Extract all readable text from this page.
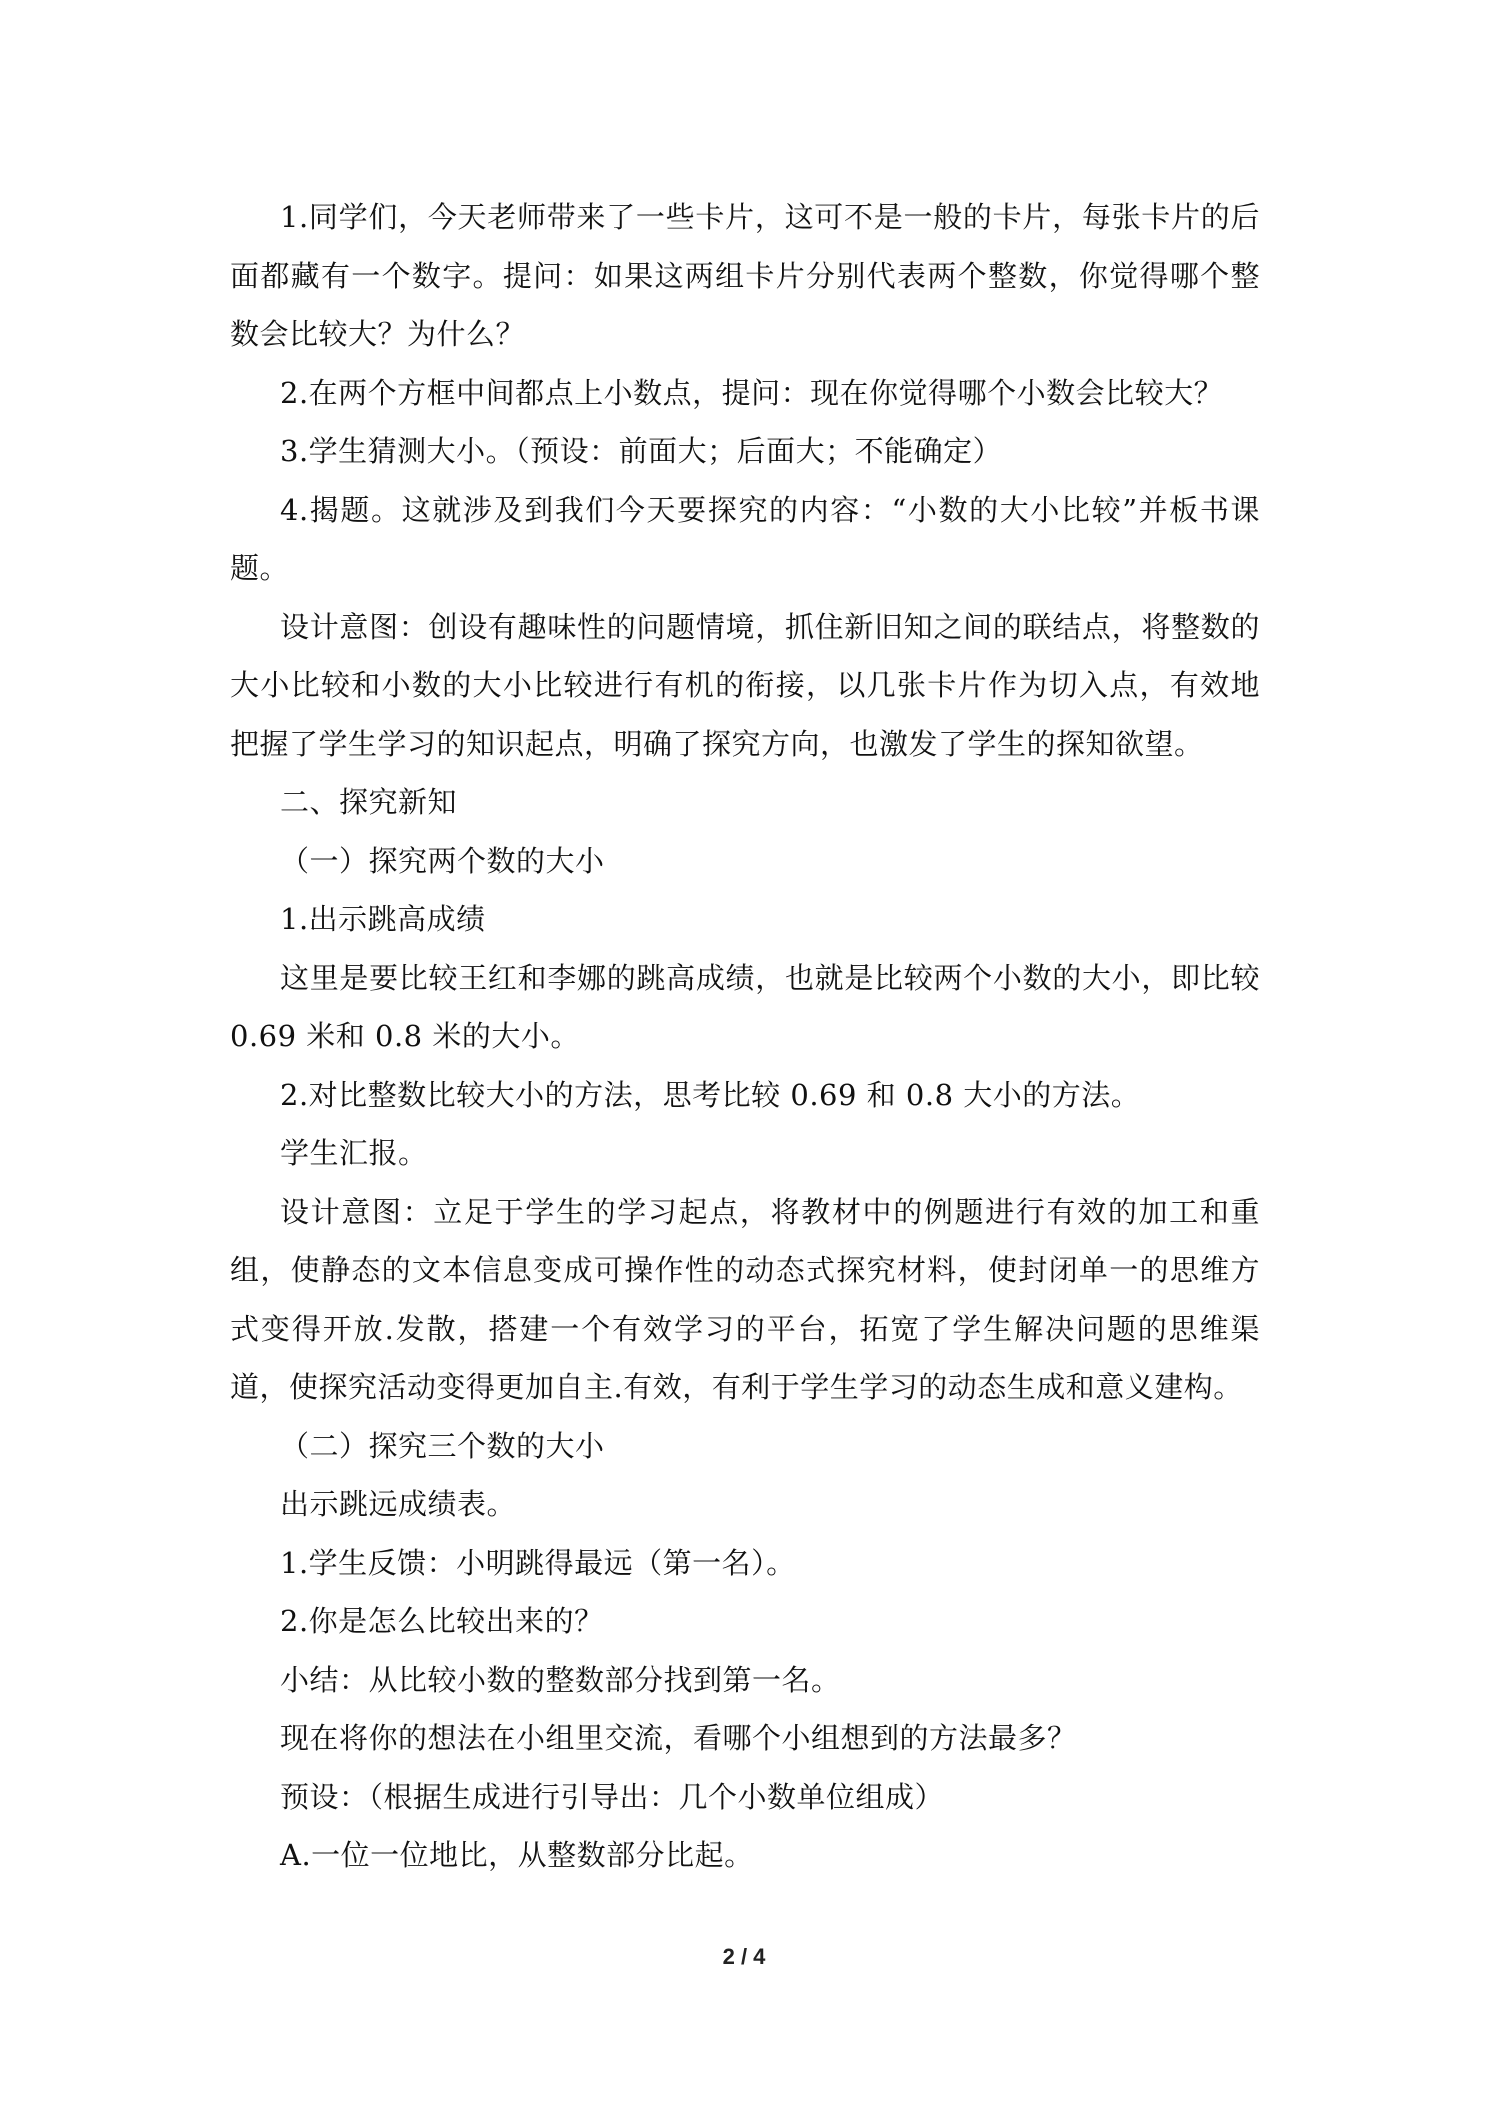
1.同学们，今天老师带来了一些卡片，这可不是一般的卡片，每张卡片的后面都藏有一个数字。提问：如果这两组卡片分别代表两个整数，你觉得哪个整数会比较大？为什么？

2.在两个方框中间都点上小数点，提问：现在你觉得哪个小数会比较大？

3.学生猜测大小。（预设：前面大；后面大；不能确定）

4.揭题。这就涉及到我们今天要探究的内容：“小数的大小比较”并板书课题。

设计意图：创设有趣味性的问题情境，抓住新旧知之间的联结点，将整数的大小比较和小数的大小比较进行有机的衔接，以几张卡片作为切入点，有效地把握了学生学习的知识起点，明确了探究方向，也激发了学生的探知欲望。

二、探究新知

（一）探究两个数的大小

1.出示跳高成绩

这里是要比较王红和李娜的跳高成绩，也就是比较两个小数的大小，即比较 0.69 米和 0.8 米的大小。

2.对比整数比较大小的方法，思考比较 0.69 和 0.8 大小的方法。

学生汇报。

设计意图：立足于学生的学习起点，将教材中的例题进行有效的加工和重组，使静态的文本信息变成可操作性的动态式探究材料，使封闭单一的思维方式变得开放.发散，搭建一个有效学习的平台，拓宽了学生解决问题的思维渠道，使探究活动变得更加自主.有效，有利于学生学习的动态生成和意义建构。

（二）探究三个数的大小

出示跳远成绩表。

1.学生反馈：小明跳得最远（第一名）。

2.你是怎么比较出来的？

小结：从比较小数的整数部分找到第一名。

现在将你的想法在小组里交流，看哪个小组想到的方法最多？

预设：（根据生成进行引导出：几个小数单位组成）

A.一位一位地比，从整数部分比起。

2 / 4
